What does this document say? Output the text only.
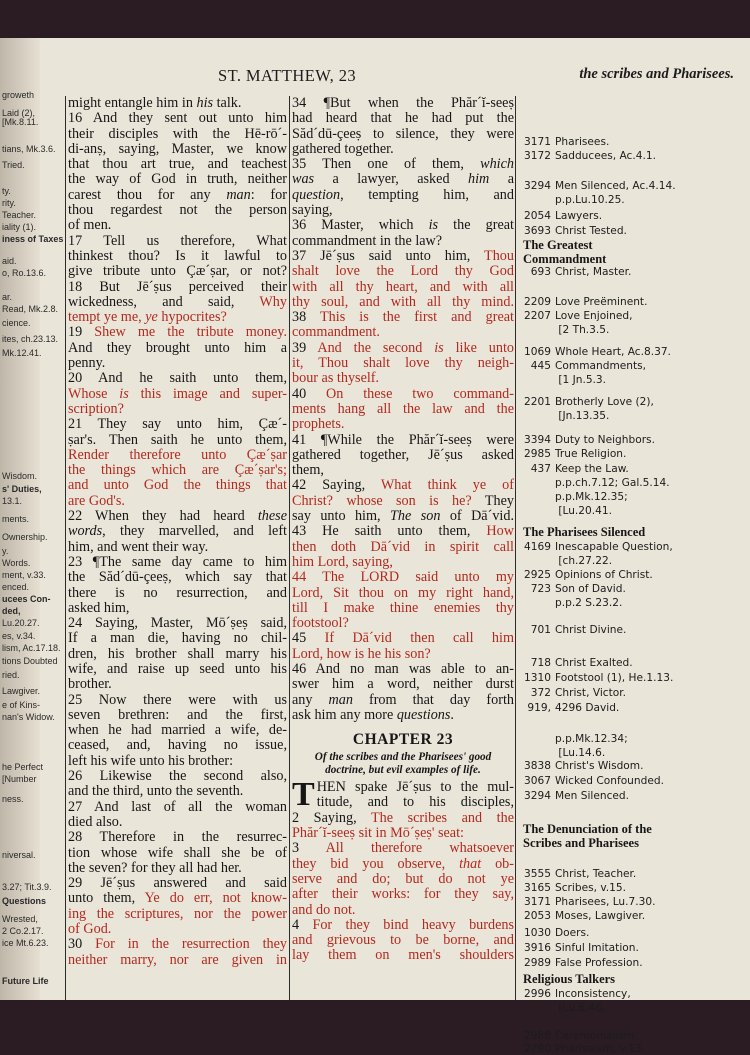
ST. MATTHEW, 23	the scribes and Pharisees.
groweth
Laid (2),
[Mk.8.11.
tians, Mk.3.6.
Tried.
ty.
rity.
Teacher.
iality (1).
iness of Taxes
aid.
o, Ro.13.6.
ar.
Read, Mk.2.8.
cience.
ites, ch.23.13.
Mk.12.41.
Wisdom.
s' Duties,
13.1.
ments.
Ownership.
y.
Words.
ment, v.33.
enced.
ucees Con-
ded,
Lu.20.27.
es, v.34.
lism, Ac.17.18.
tions Doubted
ried.
Lawgiver.
e of Kins-
nan's Widow.
he Perfect
[Number
ness.
niversal.
3.27; Tit.3.9.
Questions
Wrested,
2 Co.2.17.
ice Mt.6.23.
Future Life
might entangle him in his talk.
16 And they sent out unto him
their disciples with the Hē-rō´-
di-anṣ, saying, Master, we know
that thou art true, and teachest
the way of God in truth, neither
carest thou for any man: for
thou regardest not the person
of men.
17 Tell us therefore, What
thinkest thou? Is it lawful to
give tribute unto Çæ´ṣar, or not?
18 But Jē´ṣus perceived their
wickedness, and said, Why
tempt ye me, ye hypocrites?
19 Shew me the tribute money.
And they brought unto him a
penny.
20 And he saith unto them,
Whose is this image and super-
scription?
21 They say unto him, Çæ´-
ṣar's. Then saith he unto them,
Render therefore unto Çæ´ṣar
the things which are Çæ´ṣar's;
and unto God the things that
are God's.
22 When they had heard these
words, they marvelled, and left
him, and went their way.
23 ¶The same day came to him
the Săd´dū-çeeṣ, which say that
there is no resurrection, and
asked him,
24 Saying, Master, Mō´ṣeṣ said,
If a man die, having no chil-
dren, his brother shall marry his
wife, and raise up seed unto his
brother.
25 Now there were with us
seven brethren: and the first,
when he had married a wife, de-
ceased, and, having no issue,
left his wife unto his brother:
26 Likewise the second also,
and the third, unto the seventh.
27 And last of all the woman
died also.
28 Therefore in the resurrec-
tion whose wife shall she be of
the seven? for they all had her.
29 Jē´ṣus answered and said
unto them, Ye do err, not know-
ing the scriptures, nor the power
of God.
30 For in the resurrection they
neither marry, nor are given in
34 ¶But when the Phăr´ĭ-seeṣ
had heard that he had put the
Săd´dū-çeeṣ to silence, they were
gathered together.
35 Then one of them, which
was a lawyer, asked him a
question, tempting him, and
saying,
36 Master, which is the great
commandment in the law?
37 Jē´ṣus said unto him, Thou
shalt love the Lord thy God
with all thy heart, and with all
thy soul, and with all thy mind.
38 This is the first and great
commandment.
39 And the second is like unto
it, Thou shalt love thy neigh-
bour as thyself.
40 On these two command-
ments hang all the law and the
prophets.
41 ¶While the Phăr´ĭ-seeṣ were
gathered together, Jē´ṣus asked
them,
42 Saying, What think ye of
Christ? whose son is he? They
say unto him, The son of Dā´vid.
43 He saith unto them, How
then doth Dā´vid in spirit call
him Lord, saying,
44 The LORD said unto my
Lord, Sit thou on my right hand,
till I make thine enemies thy
footstool?
45 If Dā´vid then call him
Lord, how is he his son?
46 And no man was able to an-
swer him a word, neither durst
any man from that day forth
ask him any more questions.
CHAPTER 23
Of the scribes and the Pharisees' good
doctrine, but evil examples of life.
T HEN spake Jē´ṣus to the mul-
titude, and to his disciples,
2 Saying, The scribes and the
Phăr´ĭ-seeṣ sit in Mō´ṣeṣ' seat:
3 All therefore whatsoever
they bid you observe, that ob-
serve and do; but do not ye
after their works: for they say,
and do not.
4 For they bind heavy burdens
and grievous to be borne, and
lay them on men's shoulders
3171 Pharisees.
3172 Sadducees, Ac.4.1.
3294 Men Silenced, Ac.4.14.
p.p.Lu.10.25.
2054 Lawyers.
3693 Christ Tested.
The Greatest
Commandment
693 Christ, Master.
2209 Love Preëminent.
2207 Love Enjoined,
[2 Th.3.5.
1069 Whole Heart, Ac.8.37.
445 Commandments,
[1 Jn.5.3.
2201 Brotherly Love (2),
[Jn.13.35.
3394 Duty to Neighbors.
2985 True Religion.
437 Keep the Law.
p.p.ch.7.12; Gal.5.14.
p.p.Mk.12.35;
[Lu.20.41.
The Pharisees Silenced
4169 Inescapable Question,
[ch.27.22.
2925 Opinions of Christ.
723 Son of David.
p.p.2 S.23.2.
701 Christ Divine.
718 Christ Exalted.
1310 Footstool (1), He.1.13.
372 Christ, Victor.
919, 4296 David.
p.p.Mk.12.34;
[Lu.14.6.
3838 Christ's Wisdom.
3067 Wicked Confounded.
3294 Men Silenced.
The Denunciation of the
Scribes and Pharisees
3555 Christ, Teacher.
3165 Scribes, v.15.
3171 Pharisees, Lu.7.30.
2053 Moses, Lawgiver.
1030 Doers.
3916 Sinful Imitation.
2989 False Profession.
Religious Talkers
2996 Inconsistency,
[Lu.6.46.
2988 Ceremonialism.
2790 Pharisaism, v.13.
